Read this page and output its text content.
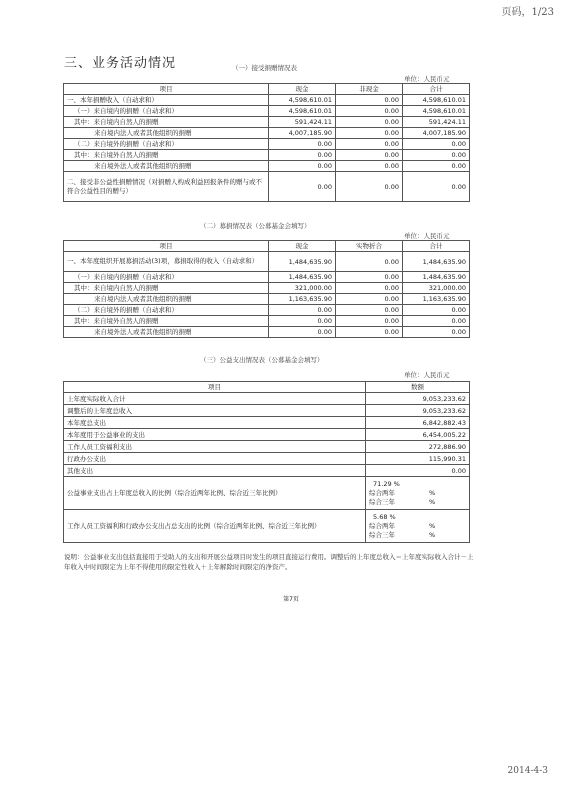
页码，1/23
三、业务活动情况	（一）接受捐赠情况表
单位：人民币元
项目	现金	非现金	合计
一、本年捐赠收入（自动求和）	4,598,610.01	0.00	4,598,610.01
（一）来自境内的捐赠（自动求和）	4,598,610.01	0.00	4,598,610.01
其中：来自境内自然人的捐赠	591,424.11	0.00	591,424.11
来自境内法人或者其他组织的捐赠	4,007,185.90	0.00	4,007,185.90
（二）来自境外的捐赠（自动求和）	0.00	0.00	0.00
其中：来自境外自然人的捐赠	0.00	0.00	0.00
来自境外法人或者其他组织的捐赠	0.00	0.00	0.00
二、接受非公益性捐赠情况（对捐赠人构成利益回报条件的赠与或不符合公益性目的赠与）	0.00	0.00	0.00
（二）募捐情况表（公募基金会填写）
单位：人民币元
项目	现金	实物折合	合计
一、本年度组织开展募捐活动(3)项，募捐取得的收入（自动求和）	1,484,635.90	0.00	1,484,635.90
（一）来自境内的捐赠（自动求和）	1,484,635.90	0.00	1,484,635.90
其中：来自境内自然人的捐赠	321,000.00	0.00	321,000.00
来自境内法人或者其他组织的捐赠	1,163,635.90	0.00	1,163,635.90
（二）来自境外的捐赠（自动求和）	0.00	0.00	0.00
其中：来自境外自然人的捐赠	0.00	0.00	0.00
来自境外法人或者其他组织的捐赠	0.00	0.00	0.00
（三）公益支出情况表（公募基金会填写）
单位：人民币元
项目	数额
上年度实际收入合计	9,053,233.62
调整后的上年度总收入	9,053,233.62
本年度总支出	6,842,882.43
本年度用于公益事业的支出	6,454,005.22
工作人员工资福利支出	272,886.90
行政办公支出	115,990.31
其他支出	0.00
公益事业支出占上年度总收入的比例（综合近两年比例、综合近三年比例）	71.29 %
综合两年 %
综合三年 %

工作人员工资福利和行政办公支出占总支出的比例（综合近两年比例、综合近三年比例）	5.68 %
综合两年 %
综合三年 %
说明：公益事业支出包括直接用于受助人的支出和开展公益项目时发生的项目直接运行费用。调整后的上年度总收入＝上年度实际收入合计－上年收入中时间限定为上年不得使用的限定性收入＋上年解除时间限定的净资产。
第7页
2014-4-3
